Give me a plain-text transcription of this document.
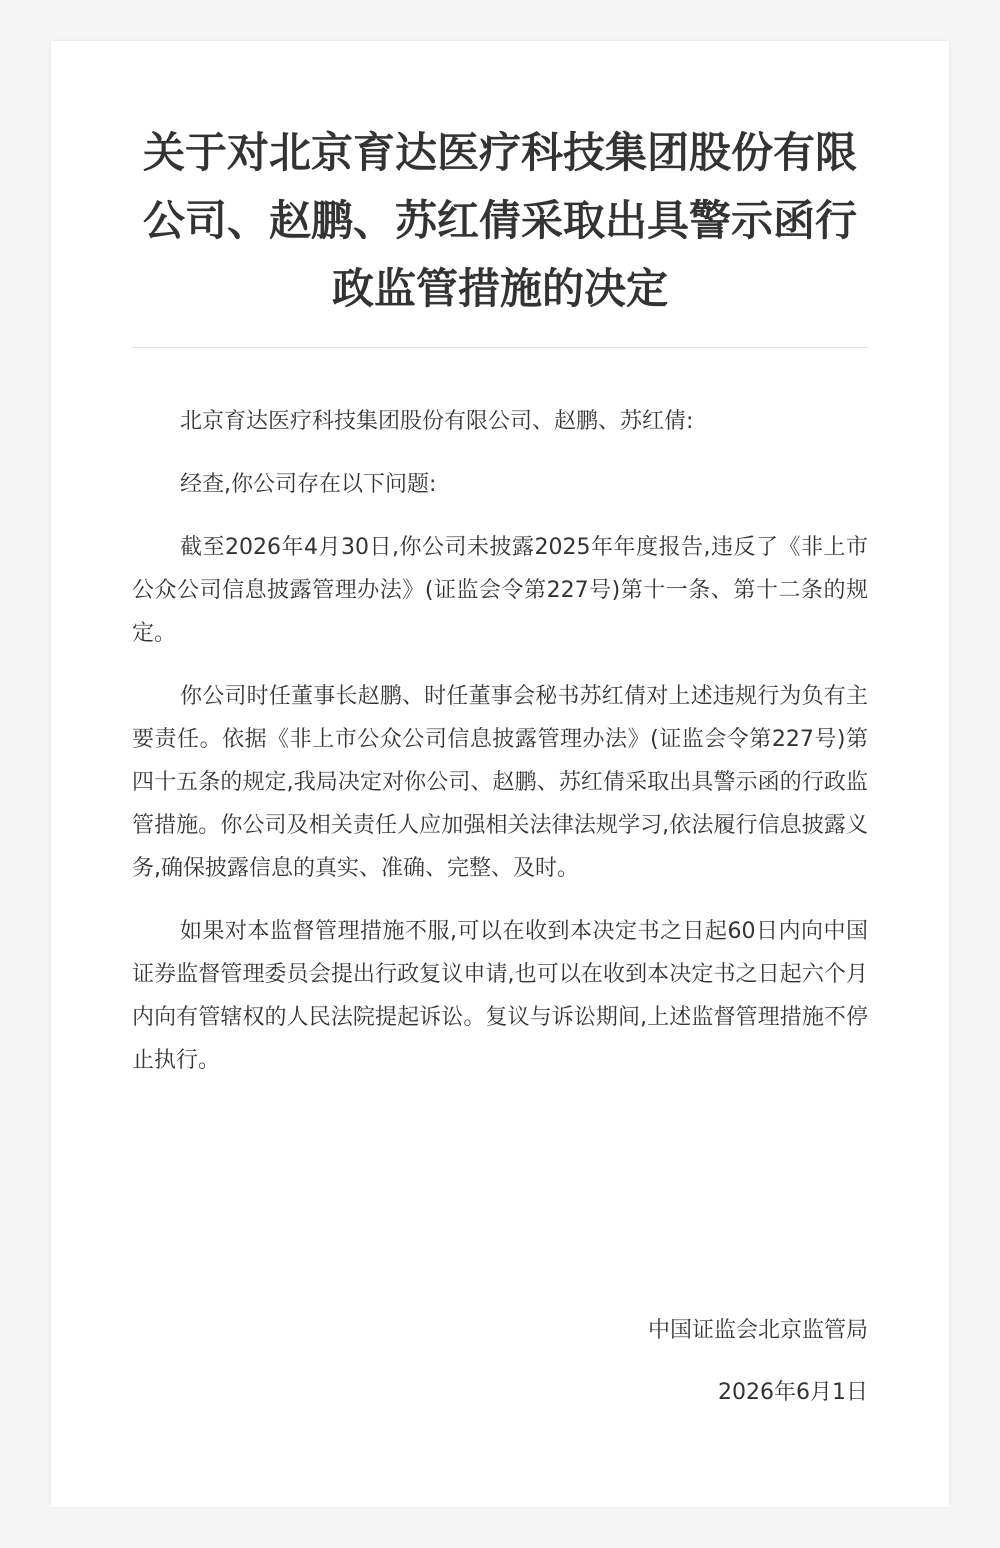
关于对北京育达医疗科技集团股份有限公司、赵鹏、苏红倩采取出具警示函行政监管措施的决定

北京育达医疗科技集团股份有限公司、赵鹏、苏红倩:

经查,你公司存在以下问题:

截至2026年4月30日,你公司未披露2025年年度报告,违反了《非上市公众公司信息披露管理办法》(证监会令第227号)第十一条、第十二条的规定。

你公司时任董事长赵鹏、时任董事会秘书苏红倩对上述违规行为负有主要责任。依据《非上市公众公司信息披露管理办法》(证监会令第227号)第四十五条的规定,我局决定对你公司、赵鹏、苏红倩采取出具警示函的行政监管措施。你公司及相关责任人应加强相关法律法规学习,依法履行信息披露义务,确保披露信息的真实、准确、完整、及时。

如果对本监督管理措施不服,可以在收到本决定书之日起60日内向中国证券监督管理委员会提出行政复议申请,也可以在收到本决定书之日起六个月内向有管辖权的人民法院提起诉讼。复议与诉讼期间,上述监督管理措施不停止执行。

中国证监会北京监管局
2026年6月1日
